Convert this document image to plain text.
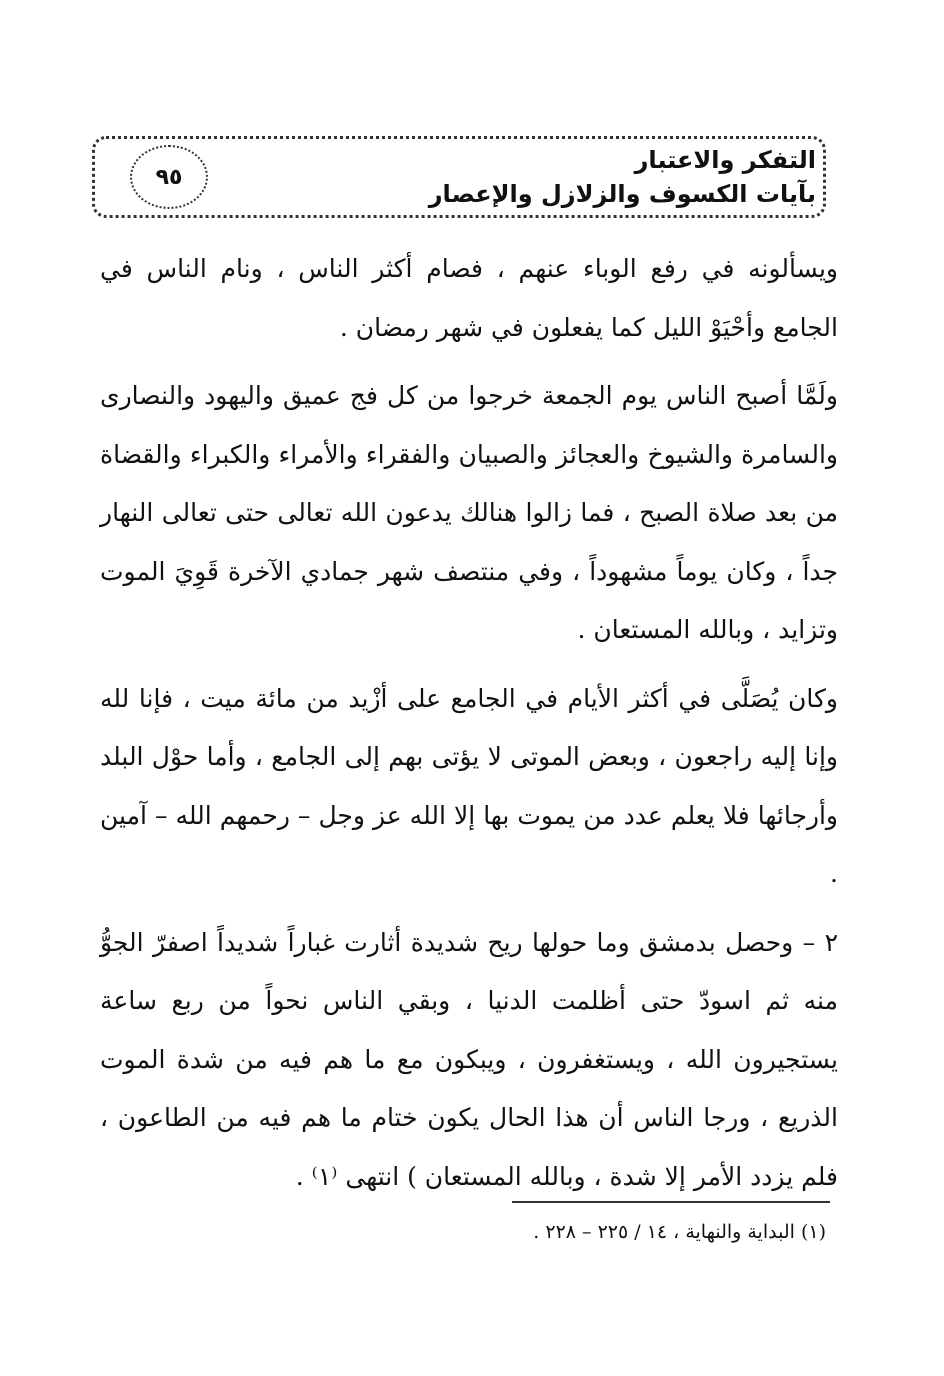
٩٥
التفكر والاعتبار
بآيات الكسوف والزلازل والإعصار

ويسألونه في رفع الوباء عنهم ، فصام أكثر الناس ، ونام الناس في الجامع وأحْيَوْ الليل كما يفعلون في شهر رمضان .

ولَمَّا أصبح الناس يوم الجمعة خرجوا من كل فج عميق واليهود والنصارى والسامرة والشيوخ والعجائز والصبيان والفقراء والأمراء والكبراء والقضاة من بعد صلاة الصبح ، فما زالوا هنالك يدعون الله تعالى حتى تعالى النهار جداً ، وكان يوماً مشهوداً ، وفي منتصف شهر جمادي الآخرة قَوِيَ الموت وتزايد ، وبالله المستعان .

وكان يُصَلَّى في أكثر الأيام في الجامع على أزْيد من مائة ميت ، فإنا لله وإنا إليه راجعون ، وبعض الموتى لا يؤتى بهم إلى الجامع ، وأما حوْل البلد وأرجائها فلا يعلم عدد من يموت بها إلا الله عز وجل – رحمهم الله – آمين .

٢ – وحصل بدمشق وما حولها ريح شديدة أثارت غباراً شديداً اصفرّ الجوُّ منه ثم اسودّ حتى أظلمت الدنيا ، وبقي الناس نحواً من ربع ساعة يستجيرون الله ، ويستغفرون ، ويبكون مع ما هم فيه من شدة الموت الذريع ، ورجا الناس أن هذا الحال يكون ختام ما هم فيه من الطاعون ، فلم يزدد الأمر إلا شدة ، وبالله المستعان ) انتهى ⁽١⁾ .

(١) البداية والنهاية ، ١٤ / ٢٢٥ – ٢٢٨ .
